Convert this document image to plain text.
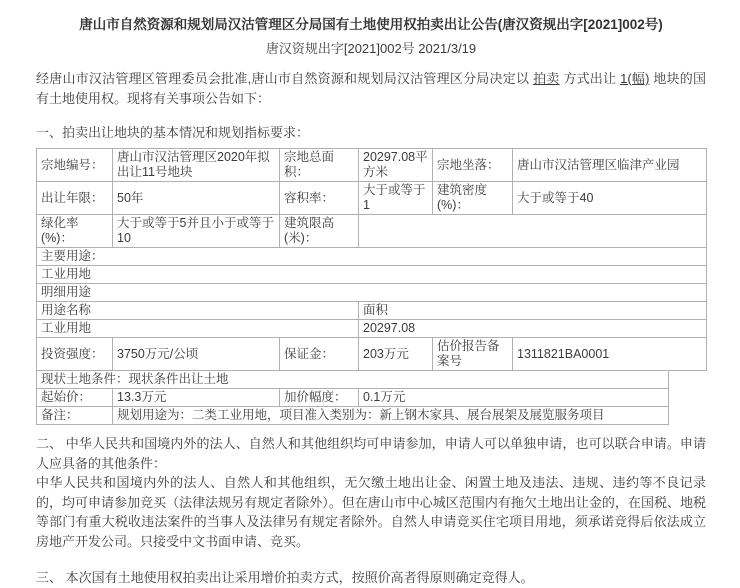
唐山市自然资源和规划局汉沽管理区分局国有土地使用权拍卖出让公告(唐汉资规出字[2021]002号)

唐汉资规出字[2021]002号 2021/3/19

经唐山市汉沽管理区管理委员会批准,唐山市自然资源和规划局汉沽管理区分局决定以 拍卖 方式出让 1(幅) 地块的国有土地使用权。现将有关事项公告如下：

一、拍卖出让地块的基本情况和规划指标要求：

宗地编号：	唐山市汉沽管理区2020年拟出让11号地块	宗地总面积：	20297.08平方米	宗地坐落：	唐山市汉沽管理区临津产业园
出让年限：	50年	容积率：	大于或等于1	建筑密度(%)：	大于或等于40
绿化率(%)：	大于或等于5并且小于或等于10	建筑限高(米)：			
主要用途：					
工业用地					
明细用途					
用途名称			面积		
工业用地			20297.08		
投资强度：	3750万元/公顷	保证金：	203万元	估价报告备案号	1311821BA0001
现状土地条件：现状条件出让土地			
起始价：	13.3万元	加价幅度：	0.1万元
备注：	规划用途为：二类工业用地，项目准入类别为：新上钢木家具、展台展架及展览服务项目		

二、 中华人民共和国境内外的法人、自然人和其他组织均可申请参加，申请人可以单独申请，也可以联合申请。申请人应具备的其他条件：

中华人民共和国境内外的法人、自然人和其他组织，无欠缴土地出让金、闲置土地及违法、违规、违约等不良记录的，均可申请参加竞买（法律法规另有规定者除外）。但在唐山市中心城区范围内有拖欠土地出让金的，在国税、地税等部门有重大税收违法案件的当事人及法律另有规定者除外。自然人申请竞买住宅项目用地，须承诺竞得后依法成立房地产开发公司。只接受中文书面申请、竞买。

三、 本次国有土地使用权拍卖出让采用增价拍卖方式，按照价高者得原则确定竞得人。
